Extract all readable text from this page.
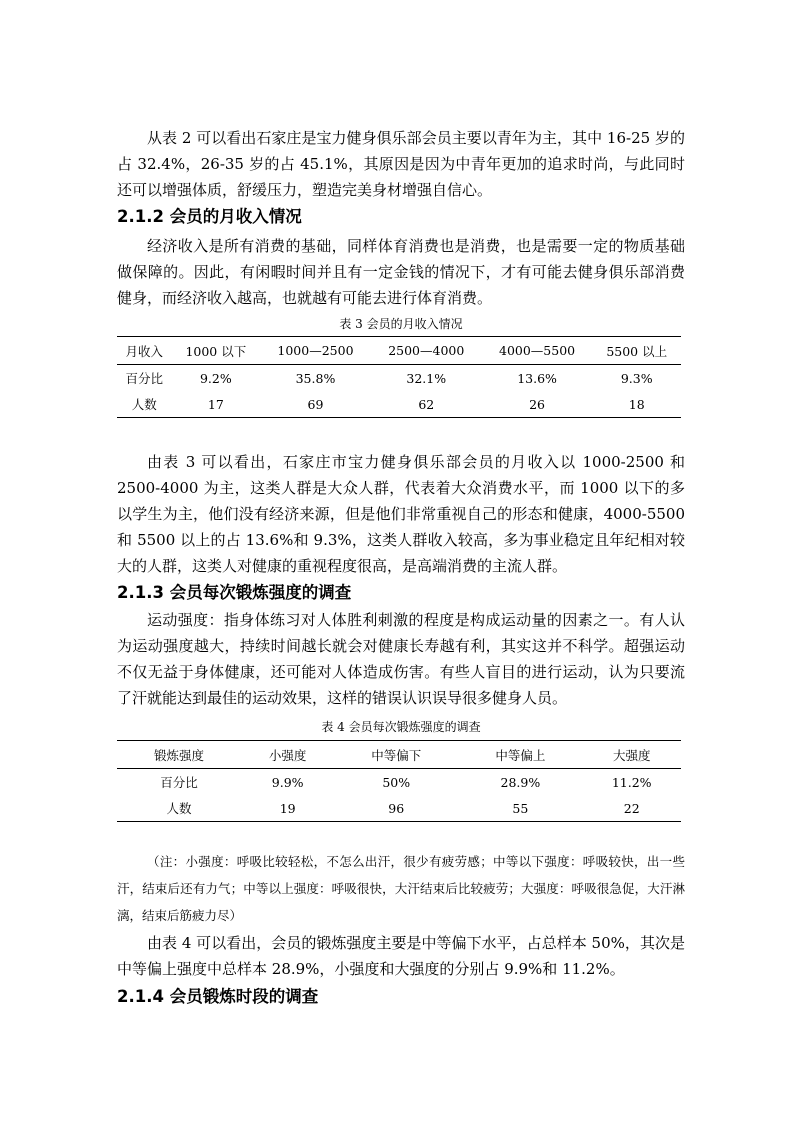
从表 2 可以看出石家庄是宝力健身俱乐部会员主要以青年为主，其中 16-25 岁的占 32.4%，26-35 岁的占 45.1%，其原因是因为中青年更加的追求时尚，与此同时还可以增强体质，舒缓压力，塑造完美身材增强自信心。

2.1.2 会员的月收入情况

经济收入是所有消费的基础，同样体育消费也是消费，也是需要一定的物质基础做保障的。因此，有闲暇时间并且有一定金钱的情况下，才有可能去健身俱乐部消费健身，而经济收入越高，也就越有可能去进行体育消费。

表 3 会员的月收入情况
月收入	1000 以下	1000—2500	2500—4000	4000—5500	5500 以上
百分比	9.2%	35.8%	32.1%	13.6%	9.3%
人数	17	69	62	26	18

由表 3 可以看出，石家庄市宝力健身俱乐部会员的月收入以 1000-2500 和 2500-4000 为主，这类人群是大众人群，代表着大众消费水平，而 1000 以下的多以学生为主，他们没有经济来源，但是他们非常重视自己的形态和健康，4000-5500 和 5500 以上的占 13.6%和 9.3%，这类人群收入较高，多为事业稳定且年纪相对较大的人群，这类人对健康的重视程度很高，是高端消费的主流人群。

2.1.3 会员每次锻炼强度的调查

运动强度：指身体练习对人体胜利刺激的程度是构成运动量的因素之一。有人认为运动强度越大，持续时间越长就会对健康长寿越有利，其实这并不科学。超强运动不仅无益于身体健康，还可能对人体造成伤害。有些人盲目的进行运动，认为只要流了汗就能达到最佳的运动效果，这样的错误认识误导很多健身人员。

表 4 会员每次锻炼强度的调查
锻炼强度	小强度	中等偏下	中等偏上	大强度
百分比	9.9%	50%	28.9%	11.2%
人数	19	96	55	22

（注：小强度：呼吸比较轻松，不怎么出汗，很少有疲劳感；中等以下强度：呼吸较快，出一些汗，结束后还有力气；中等以上强度：呼吸很快，大汗结束后比较疲劳；大强度：呼吸很急促，大汗淋漓，结束后筋疲力尽）

由表 4 可以看出，会员的锻炼强度主要是中等偏下水平，占总样本 50%，其次是中等偏上强度中总样本 28.9%，小强度和大强度的分别占 9.9%和 11.2%。

2.1.4 会员锻炼时段的调查
